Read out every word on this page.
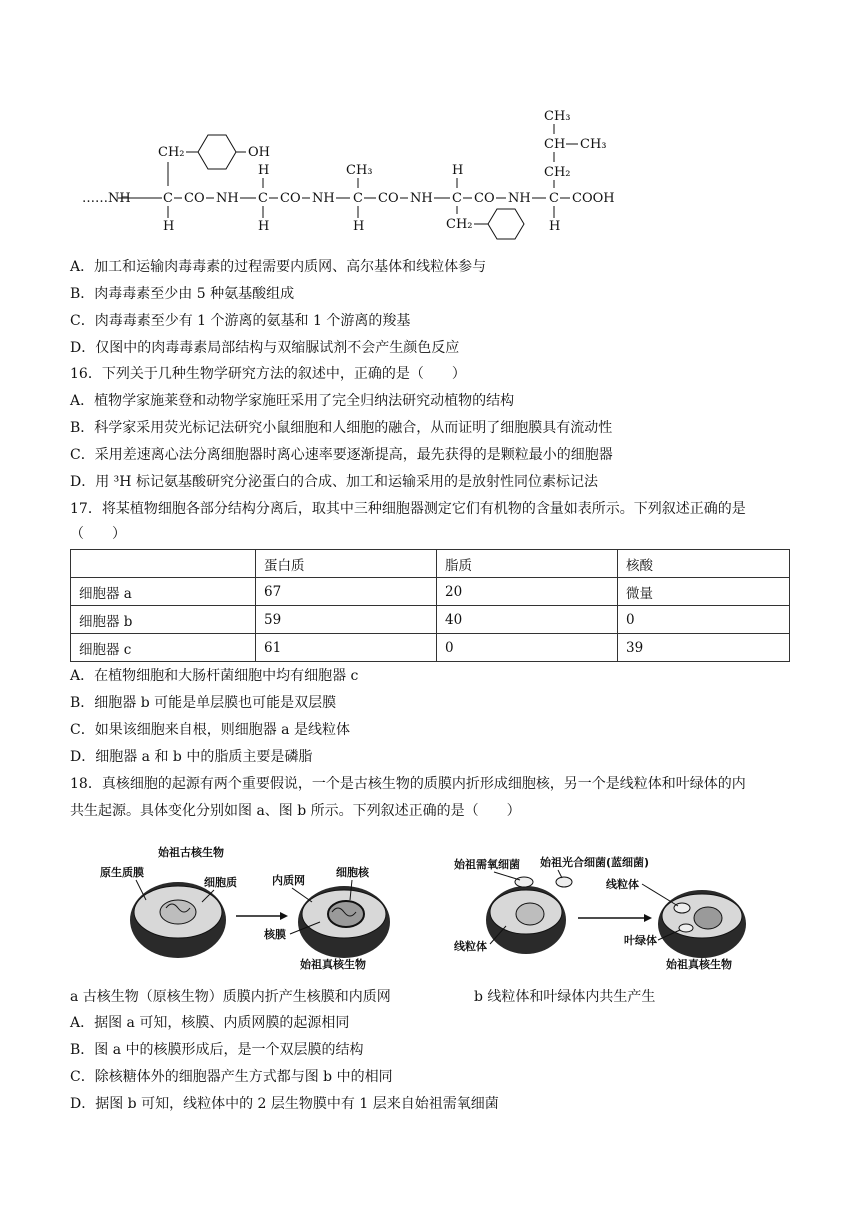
……NH
CH₂	OH
C
H
CO NH
H
C
H
CO NH
CH₃
C
H
CO NH
H
C
CH₂
CO NH
CH₃
CH CH₃
CH₂
C
H
COOH
A．加工和运输肉毒毒素的过程需要内质网、高尔基体和线粒体参与
B．肉毒毒素至少由 5 种氨基酸组成
C．肉毒毒素至少有 1 个游离的氨基和 1 个游离的羧基
D．仅图中的肉毒毒素局部结构与双缩脲试剂不会产生颜色反应
16．下列关于几种生物学研究方法的叙述中，正确的是（　　）
A．植物学家施莱登和动物学家施旺采用了完全归纳法研究动植物的结构
B．科学家采用荧光标记法研究小鼠细胞和人细胞的融合，从而证明了细胞膜具有流动性
C．采用差速离心法分离细胞器时离心速率要逐渐提高，最先获得的是颗粒最小的细胞器
D．用 ³H 标记氨基酸研究分泌蛋白的合成、加工和运输采用的是放射性同位素标记法
17．将某植物细胞各部分结构分离后，取其中三种细胞器测定它们有机物的含量如表所示。下列叙述正确的是
（　　）
	蛋白质	脂质	核酸
细胞器 a	67	20	微量
细胞器 b	59	40	0
细胞器 c	61	0	39
A．在植物细胞和大肠杆菌细胞中均有细胞器 c
B．细胞器 b 可能是单层膜也可能是双层膜
C．如果该细胞来自根，则细胞器 a 是线粒体
D．细胞器 a 和 b 中的脂质主要是磷脂
18．真核细胞的起源有两个重要假说，一个是古核生物的质膜内折形成细胞核，另一个是线粒体和叶绿体的内
共生起源。具体变化分别如图 a、图 b 所示。下列叙述正确的是（　　）
始祖古核生物
原生质膜
细胞质	内质网
细胞核
核膜
始祖真核生物
始祖需氧细菌 始祖光合细菌(蓝细菌)
线粒体
线粒体
叶绿体
始祖真核生物
a 古核生物（原核生物）质膜内折产生核膜和内质网	b 线粒体和叶绿体内共生产生
A．据图 a 可知，核膜、内质网膜的起源相同
B．图 a 中的核膜形成后，是一个双层膜的结构
C．除核糖体外的细胞器产生方式都与图 b 中的相同
D．据图 b 可知，线粒体中的 2 层生物膜中有 1 层来自始祖需氧细菌
